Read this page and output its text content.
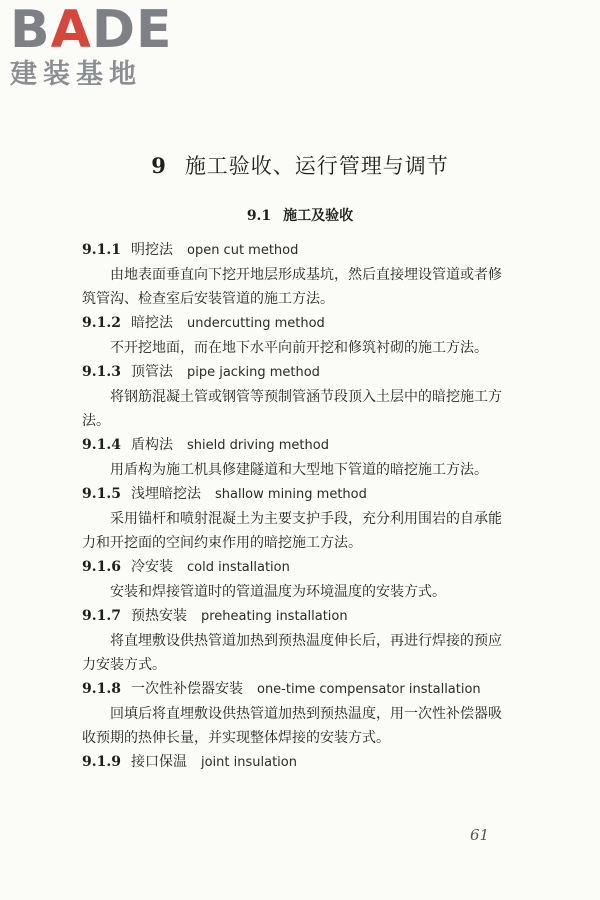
BADE
建装基地
9 施工验收、运行管理与调节
9.1 施工及验收
9.1.1 明挖法 open cut method
由地表面垂直向下挖开地层形成基坑，然后直接埋设管道或者修筑管沟、检查室后安装管道的施工方法。
9.1.2 暗挖法 undercutting method
不开挖地面，而在地下水平向前开挖和修筑衬砌的施工方法。
9.1.3 顶管法 pipe jacking method
将钢筋混凝土管或钢管等预制管涵节段顶入土层中的暗挖施工方法。
9.1.4 盾构法 shield driving method
用盾构为施工机具修建隧道和大型地下管道的暗挖施工方法。
9.1.5 浅埋暗挖法 shallow mining method
采用锚杆和喷射混凝土为主要支护手段，充分利用围岩的自承能力和开挖面的空间约束作用的暗挖施工方法。
9.1.6 冷安装 cold installation
安装和焊接管道时的管道温度为环境温度的安装方式。
9.1.7 预热安装 preheating installation
将直埋敷设供热管道加热到预热温度伸长后，再进行焊接的预应力安装方式。
9.1.8 一次性补偿器安装 one-time compensator installation
回填后将直埋敷设供热管道加热到预热温度，用一次性补偿器吸收预期的热伸长量，并实现整体焊接的安装方式。
9.1.9 接口保温 joint insulation
61
